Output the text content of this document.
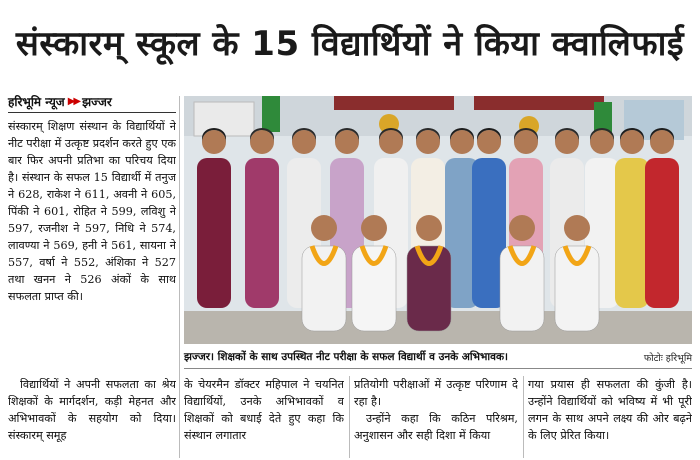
संस्कारम् स्कूल के 15 विद्यार्थियों ने किया क्वालिफाई
हरिभूमि न्यूज ▶▶ झज्जर

संस्कारम् शिक्षण संस्थान के विद्यार्थियों ने नीट परीक्षा में उत्कृष्ट प्रदर्शन करते हुए एक बार फिर अपनी प्रतिभा का परिचय दिया है। संस्थान के सफल 15 विद्यार्थी में तनुज ने 628, राकेश ने 611, अवनी ने 605, पिंकी ने 601, रोहित ने 599, लविशु ने 597, रजनीश ने 597, निधि ने 574, लावण्या ने 569, हनी ने 561, सायना ने 557, वर्षा ने 552, अंशिका ने 527 तथा खनन ने 526 अंकों के साथ सफलता प्राप्त की।

विद्यार्थियों ने अपनी सफलता का श्रेय शिक्षकों के मार्गदर्शन, कड़ी मेहनत और अभिभावकों के सहयोग को दिया। संस्कारम् समूह

के चेयरमैन डॉक्टर महिपाल ने चयनित विद्यार्थियों, उनके अभिभावकों व शिक्षकों को बधाई देते हुए कहा कि संस्थान लगातार

प्रतियोगी परीक्षाओं में उत्कृष्ट परिणाम दे रहा है।

उन्होंने कहा कि कठिन परिश्रम, अनुशासन और सही दिशा में किया

गया प्रयास ही सफलता की कुंजी है। उन्होंने विद्यार्थियों को भविष्य में भी पूरी लगन के साथ अपने लक्ष्य की ओर बढ़ने के लिए प्रेरित किया।

झज्जर। शिक्षकों के साथ उपस्थित नीट परीक्षा के सफल विद्यार्थी व उनके अभिभावक।	फोटोः हरिभूमि
